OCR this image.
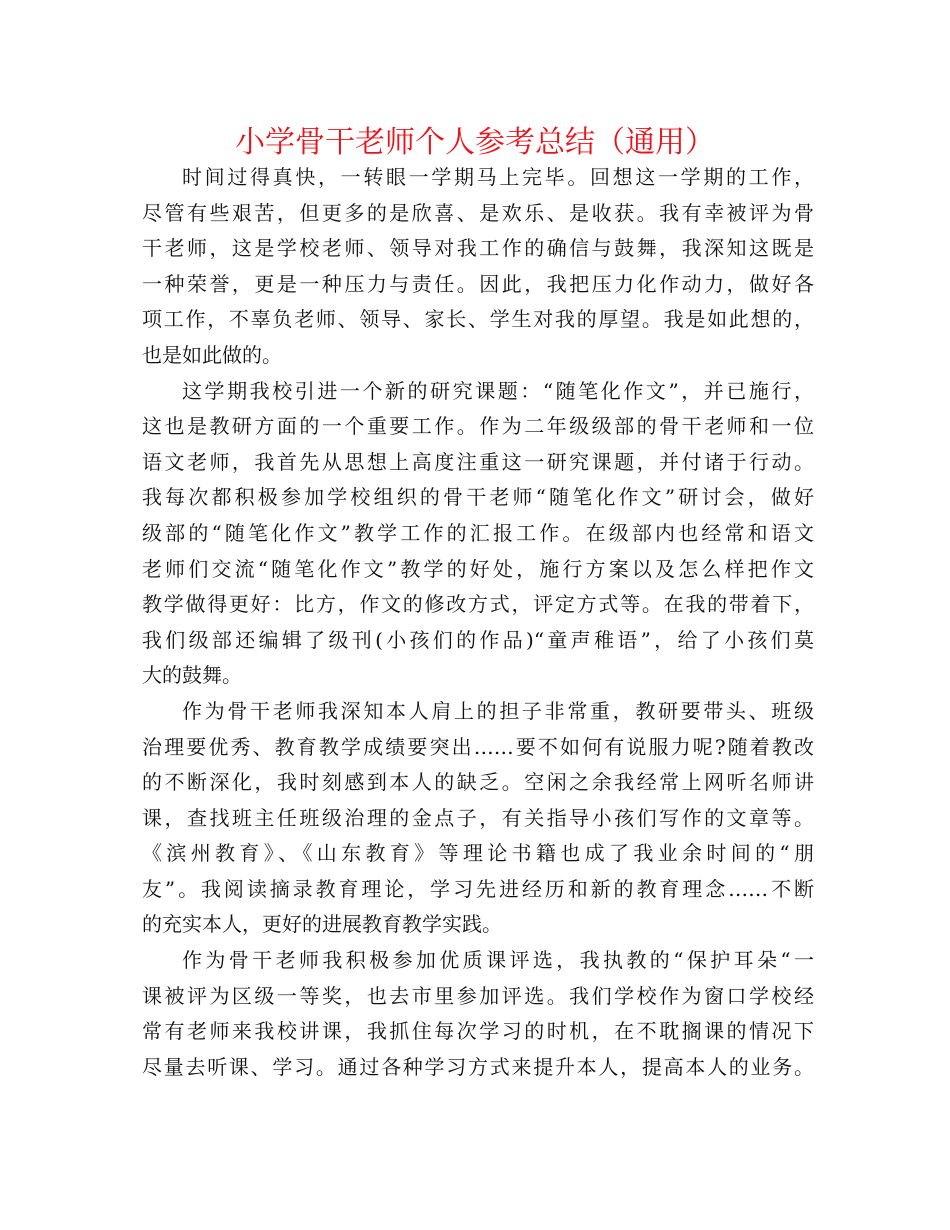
小学骨干老师个人参考总结（通用）
时间过得真快，一转眼一学期马上完毕。回想这一学期的工作，
尽管有些艰苦，但更多的是欣喜、是欢乐、是收获。我有幸被评为骨
干老师，这是学校老师、领导对我工作的确信与鼓舞，我深知这既是
一种荣誉，更是一种压力与责任。因此，我把压力化作动力，做好各
项工作，不辜负老师、领导、家长、学生对我的厚望。我是如此想的，
也是如此做的。
这学期我校引进一个新的研究课题：“随笔化作文”，并已施行，
这也是教研方面的一个重要工作。作为二年级级部的骨干老师和一位
语文老师，我首先从思想上高度注重这一研究课题，并付诸于行动。
我每次都积极参加学校组织的骨干老师“随笔化作文”研讨会，做好
级部的“随笔化作文”教学工作的汇报工作。在级部内也经常和语文
老师们交流“随笔化作文”教学的好处，施行方案以及怎么样把作文
教学做得更好：比方，作文的修改方式，评定方式等。在我的带着下，
我们级部还编辑了级刊(小孩们的作品)“童声稚语”，给了小孩们莫
大的鼓舞。
作为骨干老师我深知本人肩上的担子非常重，教研要带头、班级
治理要优秀、教育教学成绩要突出……要不如何有说服力呢?随着教改
的不断深化，我时刻感到本人的缺乏。空闲之余我经常上网听名师讲
课，查找班主任班级治理的金点子，有关指导小孩们写作的文章等。
《滨州教育》、《山东教育》等理论书籍也成了我业余时间的“朋
友”。我阅读摘录教育理论，学习先进经历和新的教育理念……不断
的充实本人，更好的进展教育教学实践。
作为骨干老师我积极参加优质课评选，我执教的“保护耳朵“一
课被评为区级一等奖，也去市里参加评选。我们学校作为窗口学校经
常有老师来我校讲课，我抓住每次学习的时机，在不耽搁课的情况下
尽量去听课、学习。通过各种学习方式来提升本人，提高本人的业务。
